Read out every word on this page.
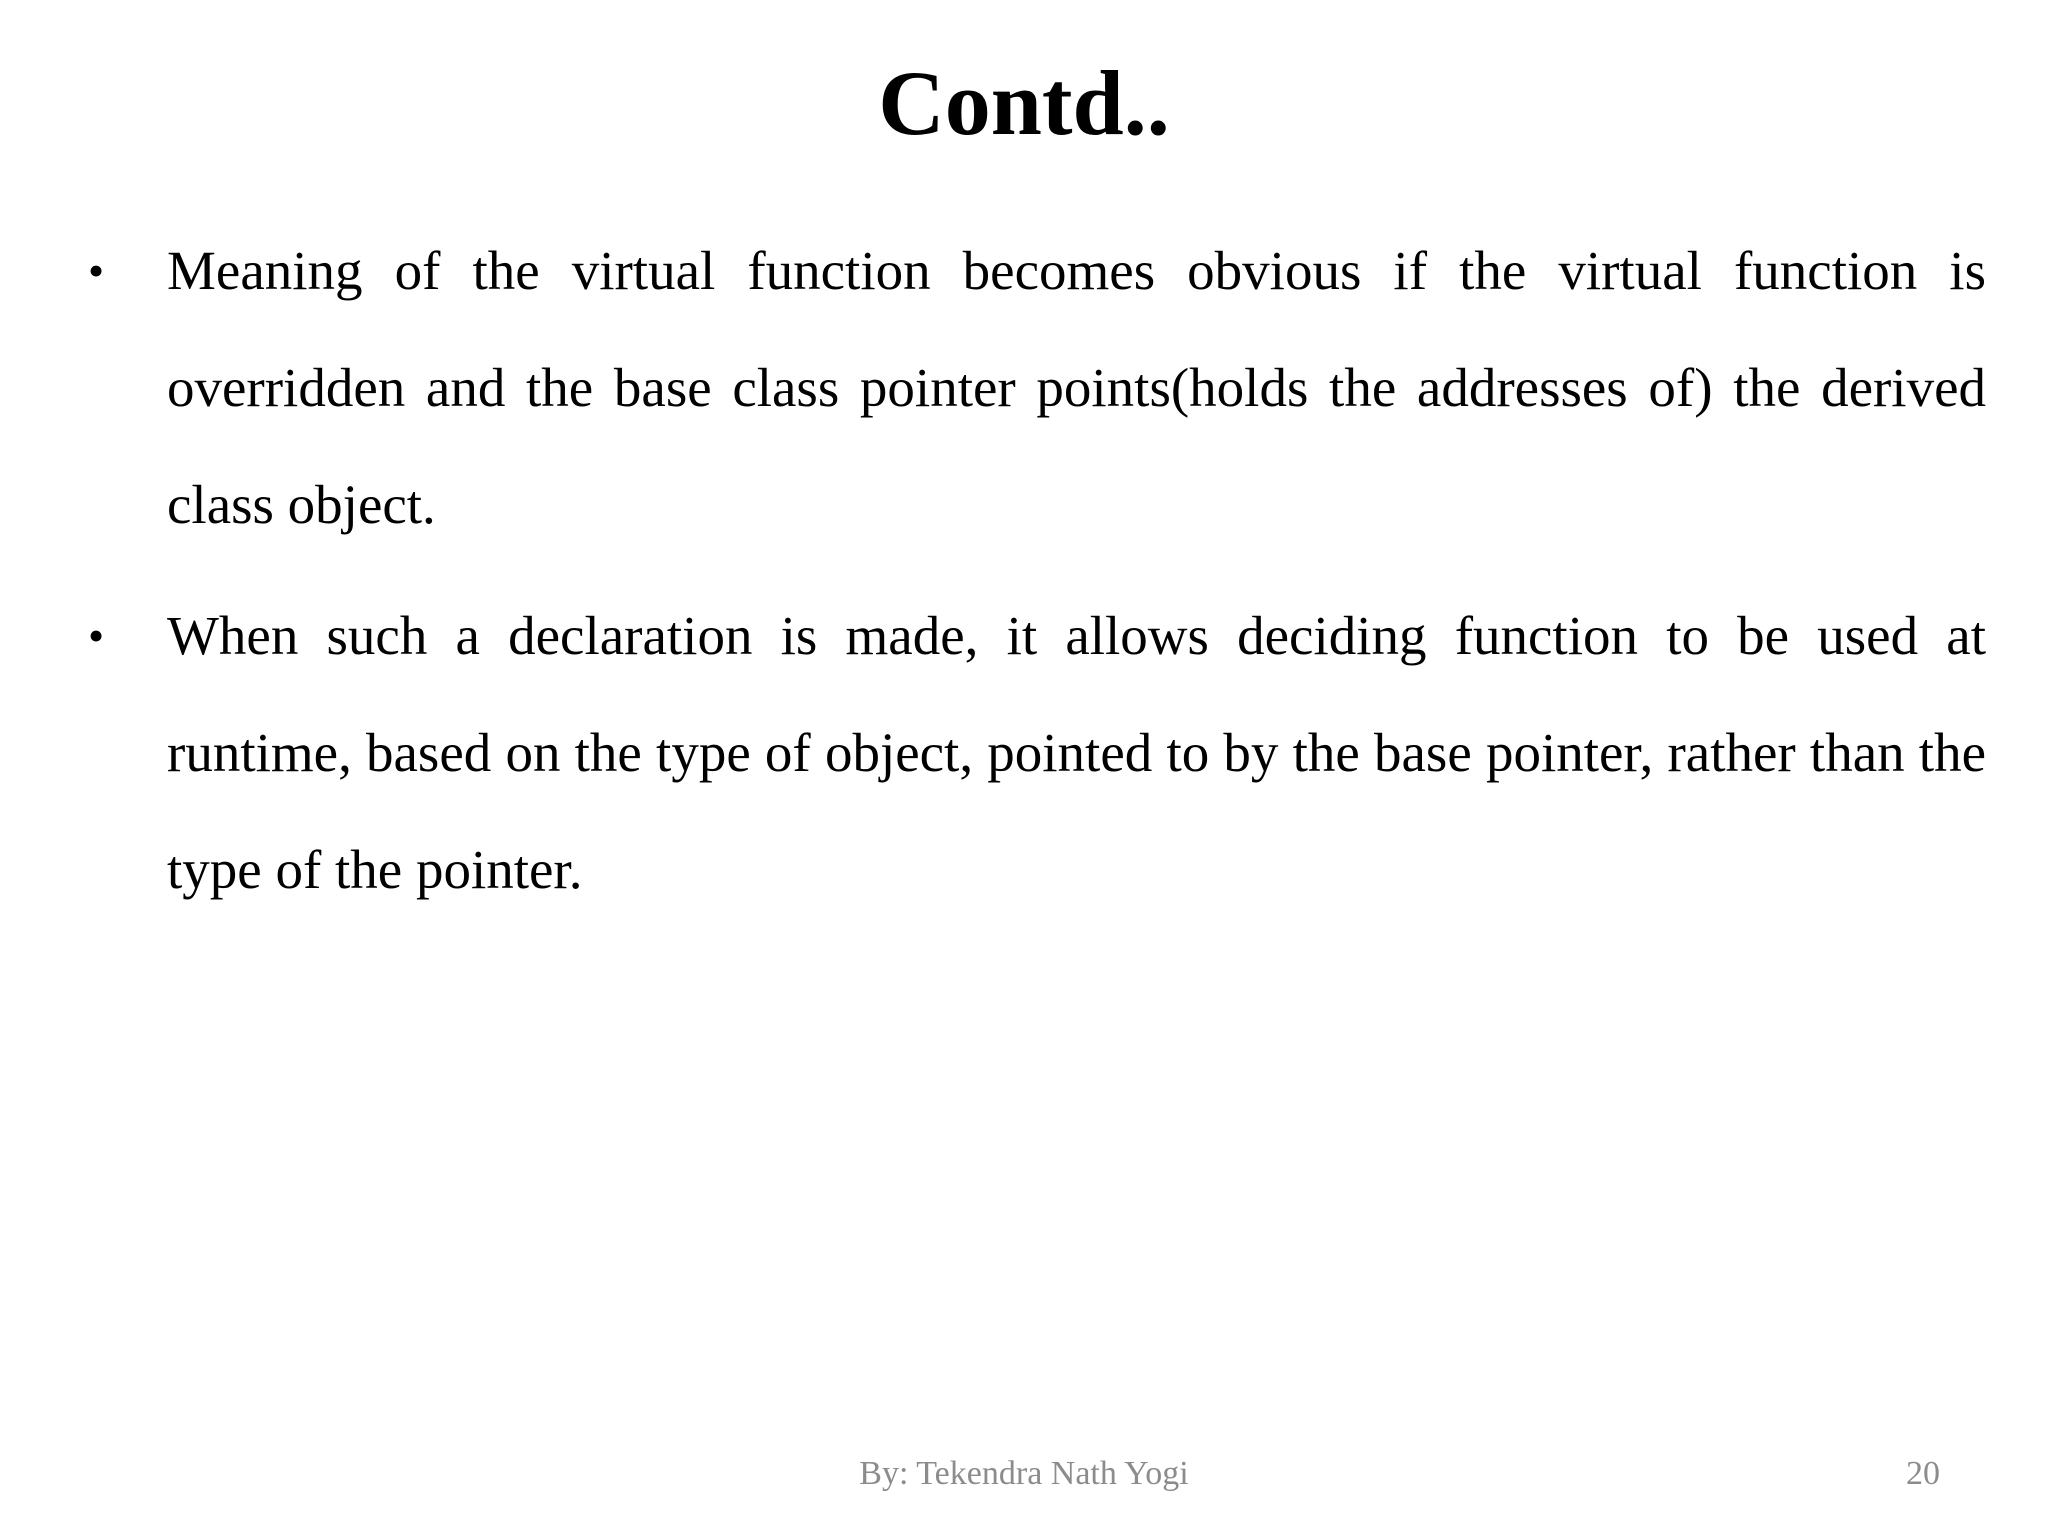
Contd..
• Meaning of the virtual function becomes obvious if the virtual function is overridden and the base class pointer points(holds the addresses of) the derived class object.
• When such a declaration is made, it allows deciding function to be used at runtime, based on the type of object, pointed to by the base pointer, rather than the type of the pointer.
By: Tekendra Nath Yogi	20
